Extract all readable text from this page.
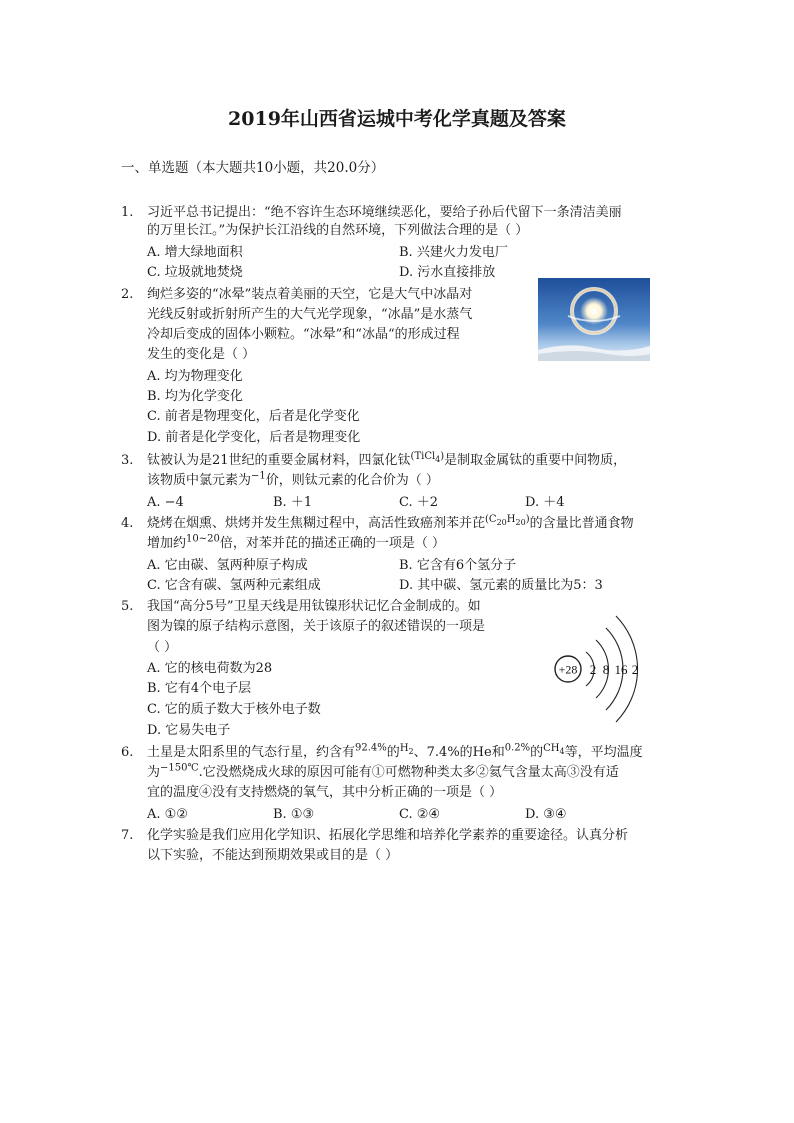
2019年山西省运城中考化学真题及答案
一、单选题（本大题共10小题，共20.0分）
1. 习近平总书记提出：“绝不容许生态环境继续恶化，要给子孙后代留下一条清洁美丽
的万里长江。”为保护长江沿线的自然环境，下列做法合理的是（ ）
A. 增大绿地面积	B. 兴建火力发电厂
C. 垃圾就地焚烧	D. 污水直接排放
2. 绚烂多姿的“冰晕”装点着美丽的天空，它是大气中冰晶对
光线反射或折射所产生的大气光学现象，“冰晶”是水蒸气
冷却后变成的固体小颗粒。“冰晕”和“冰晶“的形成过程
发生的变化是（ ）
A. 均为物理变化
B. 均为化学变化
C. 前者是物理变化，后者是化学变化
D. 前者是化学变化，后者是物理变化
3. 钛被认为是21世纪的重要金属材料，四氯化钛$^{(TiCl_4)}$是制取金属钛的重要中间物质，
该物质中氯元素为$^{-1}$价，则钛元素的化合价为（ ）
A. −4	B. ＋1	C. ＋2	D. ＋4
4. 烧烤在烟熏、烘烤并发生焦糊过程中，高活性致癌剂苯并芘$^{(C_{20}H_{20})}$的含量比普通食物
增加约$^{10\sim 20}$倍，对苯并芘的描述正确的一项是（ ）
A. 它由碳、氢两种原子构成	B. 它含有6个氢分子
C. 它含有碳、氢两种元素组成	D. 其中碳、氢元素的质量比为5：3
5. 我国“高分5号”卫星天线是用钛镍形状记忆合金制成的。如
图为镍的原子结构示意图，关于该原子的叙述错误的一项是
（ ）
A. 它的核电荷数为28
B. 它有4个电子层
C. 它的质子数大于核外电子数
D. 它易失电子
+28 2 8 16 2
6. 土星是太阳系里的气态行星，约含有$^{92.4\%}$的$^{H_2}$、7.4%的He和$^{0.2\%}$的$^{CH_4}$等，平均温度
为$^{-150℃}$.它没燃烧成火球的原因可能有①可燃物种类太多②氦气含量太高③没有适
宜的温度④没有支持燃烧的氧气，其中分析正确的一项是（ ）
A. ①②	B. ①③	C. ②④	D. ③④
7. 化学实验是我们应用化学知识、拓展化学思维和培养化学素养的重要途径。认真分析
以下实验，不能达到预期效果或目的是（ ）
